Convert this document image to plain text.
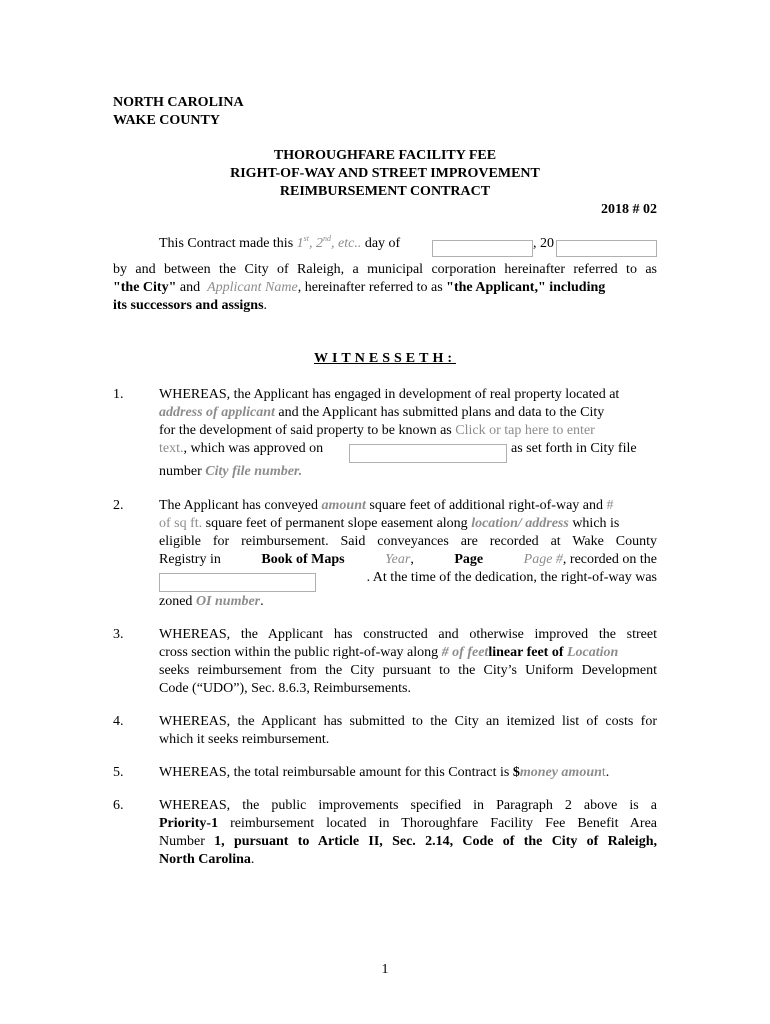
NORTH CAROLINA
WAKE COUNTY
THOROUGHFARE FACILITY FEE
RIGHT-OF-WAY AND STREET IMPROVEMENT
REIMBURSEMENT CONTRACT
2018 # 02
This Contract made this 1st, 2nd, etc.. day of	, 20
by and between the City of Raleigh, a municipal corporation hereinafter referred to as
"the City" and Applicant Name, hereinafter referred to as "the Applicant," including
its successors and assigns.
WITNESSETH:
1.	WHEREAS, the Applicant has engaged in development of real property located at
address of applicant and the Applicant has submitted plans and data to the City
for the development of said property to be known as Click or tap here to enter
text., which was approved on	as set forth in City file
number City file number.
2.	The Applicant has conveyed amount square feet of additional right-of-way and #
of sq ft. square feet of permanent slope easement along location/ address which is
eligible for reimbursement. Said conveyances are recorded at Wake County
Registry in	Book of Maps	Year,	Page	Page #, recorded on the
. At the time of the dedication, the right-of-way was
zoned OI number.
3.	WHEREAS, the Applicant has constructed and otherwise improved the street
cross section within the public right-of-way along # of feetlinear feet of Location
seeks reimbursement from the City pursuant to the City’s Uniform Development
Code (“UDO”), Sec. 8.6.3, Reimbursements.
4.	WHEREAS, the Applicant has submitted to the City an itemized list of costs for
which it seeks reimbursement.
5.	WHEREAS, the total reimbursable amount for this Contract is $money amount.
6.	WHEREAS, the public improvements specified in Paragraph 2 above is a
Priority-1 reimbursement located in Thoroughfare Facility Fee Benefit Area
Number 1, pursuant to Article II, Sec. 2.14, Code of the City of Raleigh,
North Carolina.
1
